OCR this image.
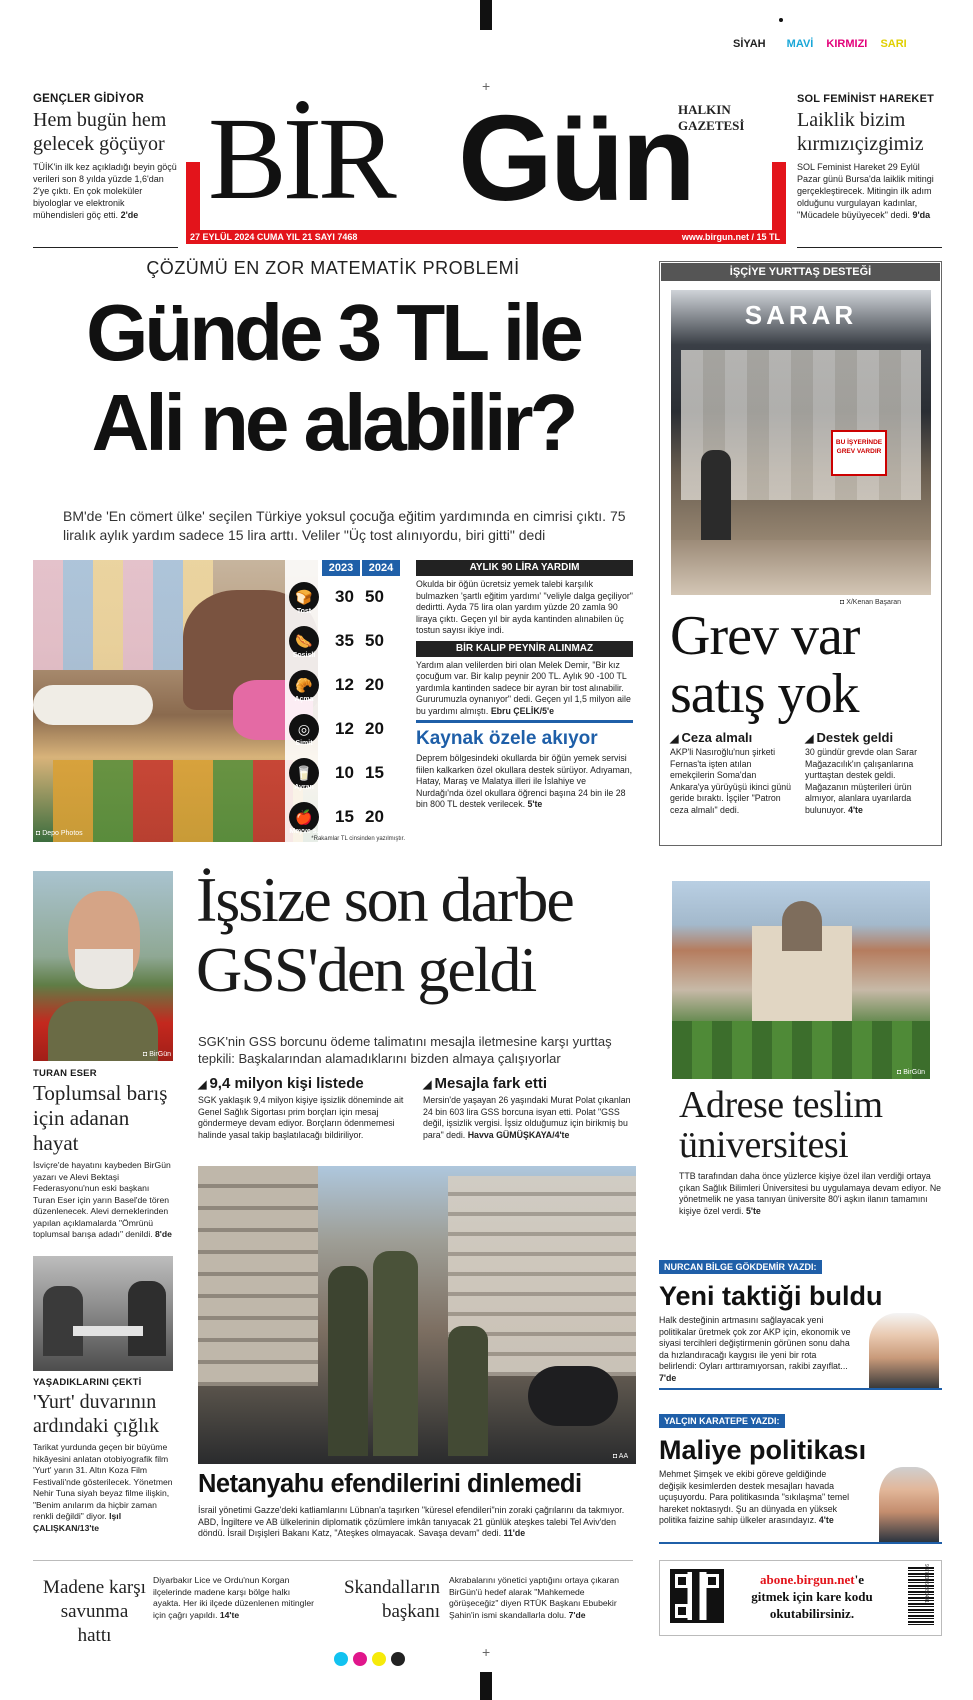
SİYAH MAVİ KIRMIZI SARI
+
GENÇLER GİDİYOR
Hem bugün hem gelecek göçüyor
TÜİK'in ilk kez açıkladığı beyin göçü verileri son 8 yılda yüzde 1,6'dan 2'ye çıktı. En çok moleküler biyologlar ve elektronik mühendisleri göç etti. 2'de BİR Gün
HALKIN GAZETESİ
27 EYLÜL 2024 CUMA YIL 21 SAYI 7468	www.birgun.net / 15 TL
SOL FEMİNİST HAREKET
Laiklik bizim kırmızıçizgimiz
SOL Feminist Hareket 29 Eylül Pazar günü Bursa'da laiklik mitingi gerçekleştirecek. Mitingin ilk adım olduğunu vurgulayan kadınlar, "Mücadele büyüyecek" dedi. 9'da
ÇÖZÜMÜ EN ZOR MATEMATİK PROBLEMİ
Günde 3 TL ile
Ali ne alabilir?
BM'de 'En cömert ülke' seçilen Türkiye yoksul çocuğa eğitim yardımında en cimrisi çıktı. 75 liralık aylık yardım sadece 15 lira arttı. Veliler "Üç tost alınıyordu, biri gitti" dedi
◘ Depo Photos
2023	2024
🍞
Tost
30 50
🌭
Sosisli
35 50
🥐
Açma
12 20
◎
Simit
12 20
🥛
Ayran
10 15
🍎
Meyve s.
15 20
*Rakamlar TL cinsinden yazılmıştır.
AYLIK 90 LİRA YARDIM
Okulda bir öğün ücretsiz yemek talebi karşılık bulmazken 'şartlı eğitim yardımı' "veliyle dalga geçiliyor" dedirtti. Ayda 75 lira olan yardım yüzde 20 zamla 90 liraya çıktı. Geçen yıl bir ayda kantinden alınabilen üç tostun sayısı ikiye indi.
BİR KALIP PEYNİR ALINMAZ
Yardım alan velilerden biri olan Melek Demir, "Bir kız çocuğum var. Bir kalıp peynir 200 TL. Aylık 90 -100 TL yardımla kantinden sadece bir ayran bir tost alınabilir. Gururumuzla oynanıyor" dedi. Geçen yıl 1,5 milyon aile bu yardımı almıştı. Ebru ÇELİK/5'e
Kaynak özele akıyor
Deprem bölgesindeki okullarda bir öğün yemek servisi fiilen kalkarken özel okullara destek sürüyor. Adıyaman, Hatay, Maraş ve Malatya illeri ile İslahiye ve Nurdağı'nda özel okullara öğrenci başına 24 bin ile 28 bin 800 TL destek verilecek. 5'te
İŞÇİYE YURTTAŞ DESTEĞİ
SARAR
BU İŞYERİNDE GREV VARDIR
◘ X/Kenan Başaran
Grev var satış yok
◢ Ceza almalı
AKP'li Nasıroğlu'nun şirketi Fernas'ta işten atılan emekçilerin Soma'dan Ankara'ya yürüyüşü ikinci günü geride bıraktı. İşçiler "Patron ceza almalı" dedi.
◢ Destek geldi
30 gündür grevde olan Sarar Mağazacılık'ın çalışanlarına yurttaştan destek geldi. Mağazanın müşterileri ürün almıyor, alanlara uyarılarda bulunuyor. 4'te
◘ BirGün
TURAN ESER
Toplumsal barış için adanan hayat
İsviçre'de hayatını kaybeden BirGün yazarı ve Alevi Bektaşi Federasyonu'nun eski başkanı Turan Eser için yarın Basel'de tören düzenlenecek. Alevi derneklerinden yapılan açıklamalarda "Ömrünü toplumsal barışa adadı" denildi. 8'de
YAŞADIKLARINI ÇEKTİ
'Yurt' duvarının ardındaki çığlık
Tarikat yurdunda geçen bir büyüme hikâyesini anlatan otobiyografik film 'Yurt' yarın 31. Altın Koza Film Festivali'nde gösterilecek. Yönetmen Nehir Tuna siyah beyaz filme ilişkin, "Benim anılarım da hiçbir zaman renkli değildi" diyor. Işıl ÇALIŞKAN/13'te
İşsize son darbe
GSS'den geldi
SGK'nin GSS borcunu ödeme talimatını mesajla iletmesine karşı yurttaş tepkili: Başkalarından alamadıklarını bizden almaya çalışıyorlar
◢ 9,4 milyon kişi listede
SGK yaklaşık 9,4 milyon kişiye işsizlik döneminde ait Genel Sağlık Sigortası prim borçları için mesaj göndermeye devam ediyor. Borçların ödenmemesi halinde yasal takip başlatılacağı bildiriliyor.
◢ Mesajla fark etti
Mersin'de yaşayan 26 yaşındaki Murat Polat çıkanlan 24 bin 603 lira GSS borcuna isyan etti. Polat "GSS değil, işsizlik vergisi. İşsiz olduğumuz için birikmiş bu para" dedi. Havva GÜMÜŞKAYA/4'te
◘ BirGün
Adrese teslim üniversitesi
TTB tarafından daha önce yüzlerce kişiye özel ilan verdiği ortaya çıkan Sağlık Bilimleri Üniversitesi bu uygulamaya devam ediyor. Ne yönetmelik ne yasa tanıyan üniversite 80'i aşkın ilanın tamamını kişiye özel verdi. 5'te
NURCAN BİLGE GÖKDEMİR YAZDI:
Yeni taktiği buldu
Halk desteğinin artmasını sağlayacak yeni politikalar üretmek çok zor AKP için, ekonomik ve siyasi tercihleri değiştirmenin görünen sonu daha da hızlandıracağı kaygısı ile yeni bir rota belirlendi: Oyları arttıramıyorsan, rakibi zayıflat... 7'de
YALÇIN KARATEPE YAZDI:
Maliye politikası
Mehmet Şimşek ve ekibi göreve geldiğinde değişik kesimlerden destek mesajları havada uçuşuyordu. Para politikasında "sıkılaşma" temel hareket noktasıydı. Şu an dünyada en yüksek politika faizine sahip ülkeler arasındayız. 4'te
◘ AA
Netanyahu efendilerini dinlemedi
İsrail yönetimi Gazze'deki katliamlarını Lübnan'a taşırken "küresel efendileri"nin zoraki çağrılarını da takmıyor. ABD, İngiltere ve AB ülkelerinin diplomatik çözümlere imkân tanıyacak 21 günlük ateşkes talebi Tel Aviv'den döndü. İsrail Dışişleri Bakanı Katz, "Ateşkes olmayacak. Savaşa devam" dedi. 11'de
Madene karşı savunma hattı
Diyarbakır Lice ve Ordu'nun Korgan ilçelerinde madene karşı bölge halkı ayakta. Her iki ilçede düzenlenen mitingler için çağrı yapıldı. 14'te
Skandalların başkanı
Akrabalarını yönetici yaptığını ortaya çıkaran BirGün'ü hedef alarak "Mahkemede görüşeceğiz" diyen RTÜK Başkanı Ebubekir Şahin'in ismi skandallarla dolu. 7'de
abone.birgun.net'e
gitmek için kare kodu
okutabilirsiniz.
9 771305 880491
+
